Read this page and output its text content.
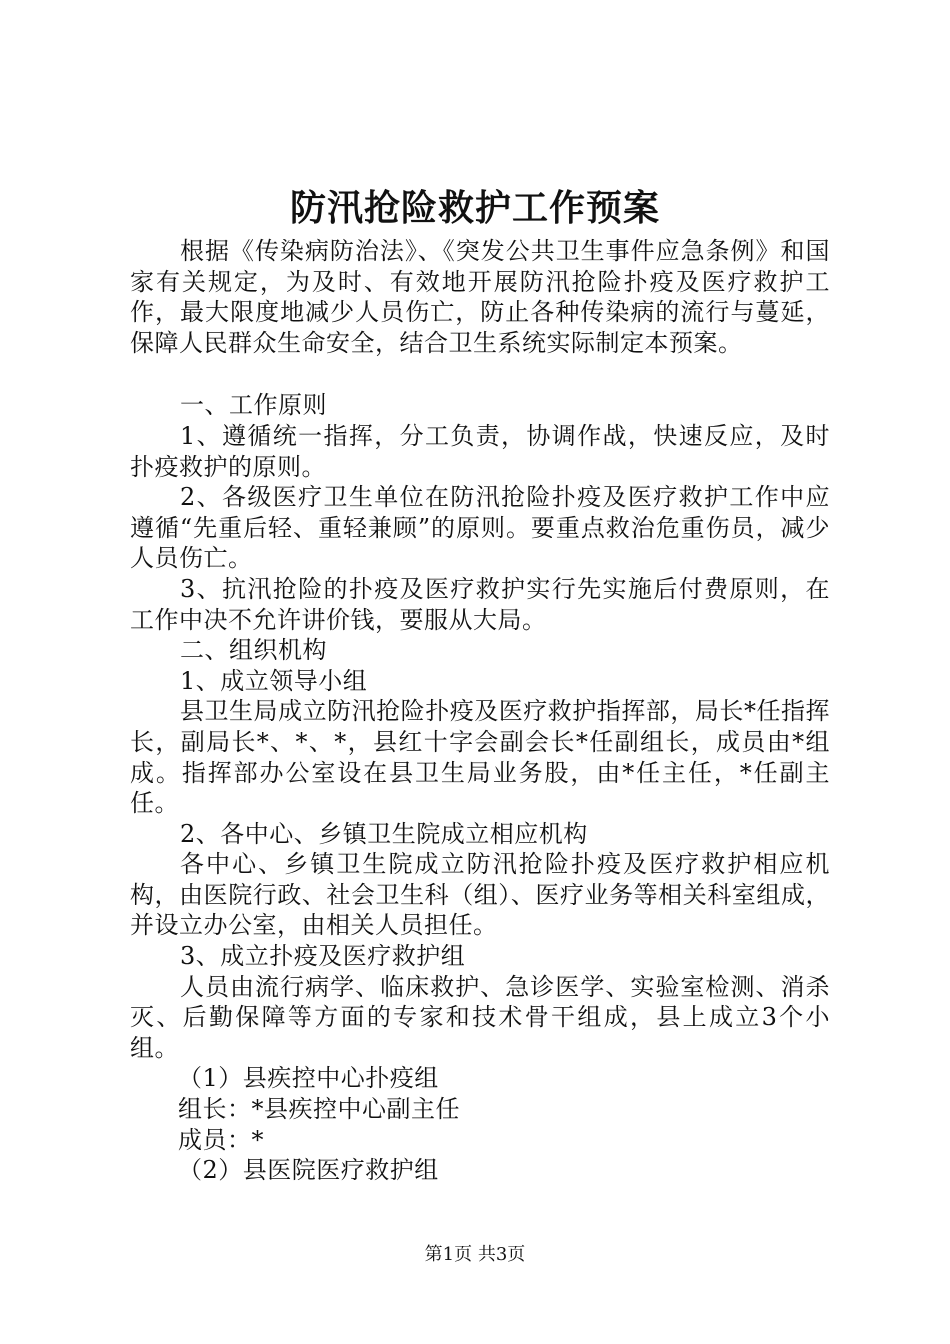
防汛抢险救护工作预案

根据《传染病防治法》、《突发公共卫生事件应急条例》和国家有关规定，为及时、有效地开展防汛抢险扑疫及医疗救护工作，最大限度地减少人员伤亡，防止各种传染病的流行与蔓延，保障人民群众生命安全，结合卫生系统实际制定本预案。

一、工作原则

1、遵循统一指挥，分工负责，协调作战，快速反应，及时扑疫救护的原则。

2、各级医疗卫生单位在防汛抢险扑疫及医疗救护工作中应遵循“先重后轻、重轻兼顾”的原则。要重点救治危重伤员，减少人员伤亡。

3、抗汛抢险的扑疫及医疗救护实行先实施后付费原则，在工作中决不允许讲价钱，要服从大局。

二、组织机构

1、成立领导小组

县卫生局成立防汛抢险扑疫及医疗救护指挥部，局长*任指挥长，副局长*、*、*，县红十字会副会长*任副组长，成员由*组成。指挥部办公室设在县卫生局业务股，由*任主任，*任副主任。

2、各中心、乡镇卫生院成立相应机构

各中心、乡镇卫生院成立防汛抢险扑疫及医疗救护相应机构，由医院行政、社会卫生科（组）、医疗业务等相关科室组成，并设立办公室，由相关人员担任。

3、成立扑疫及医疗救护组

人员由流行病学、临床救护、急诊医学、实验室检测、消杀灭、后勤保障等方面的专家和技术骨干组成，县上成立3个小组。

（1）县疾控中心扑疫组

组长：*县疾控中心副主任

成员：*

（2）县医院医疗救护组

第1页 共3页
